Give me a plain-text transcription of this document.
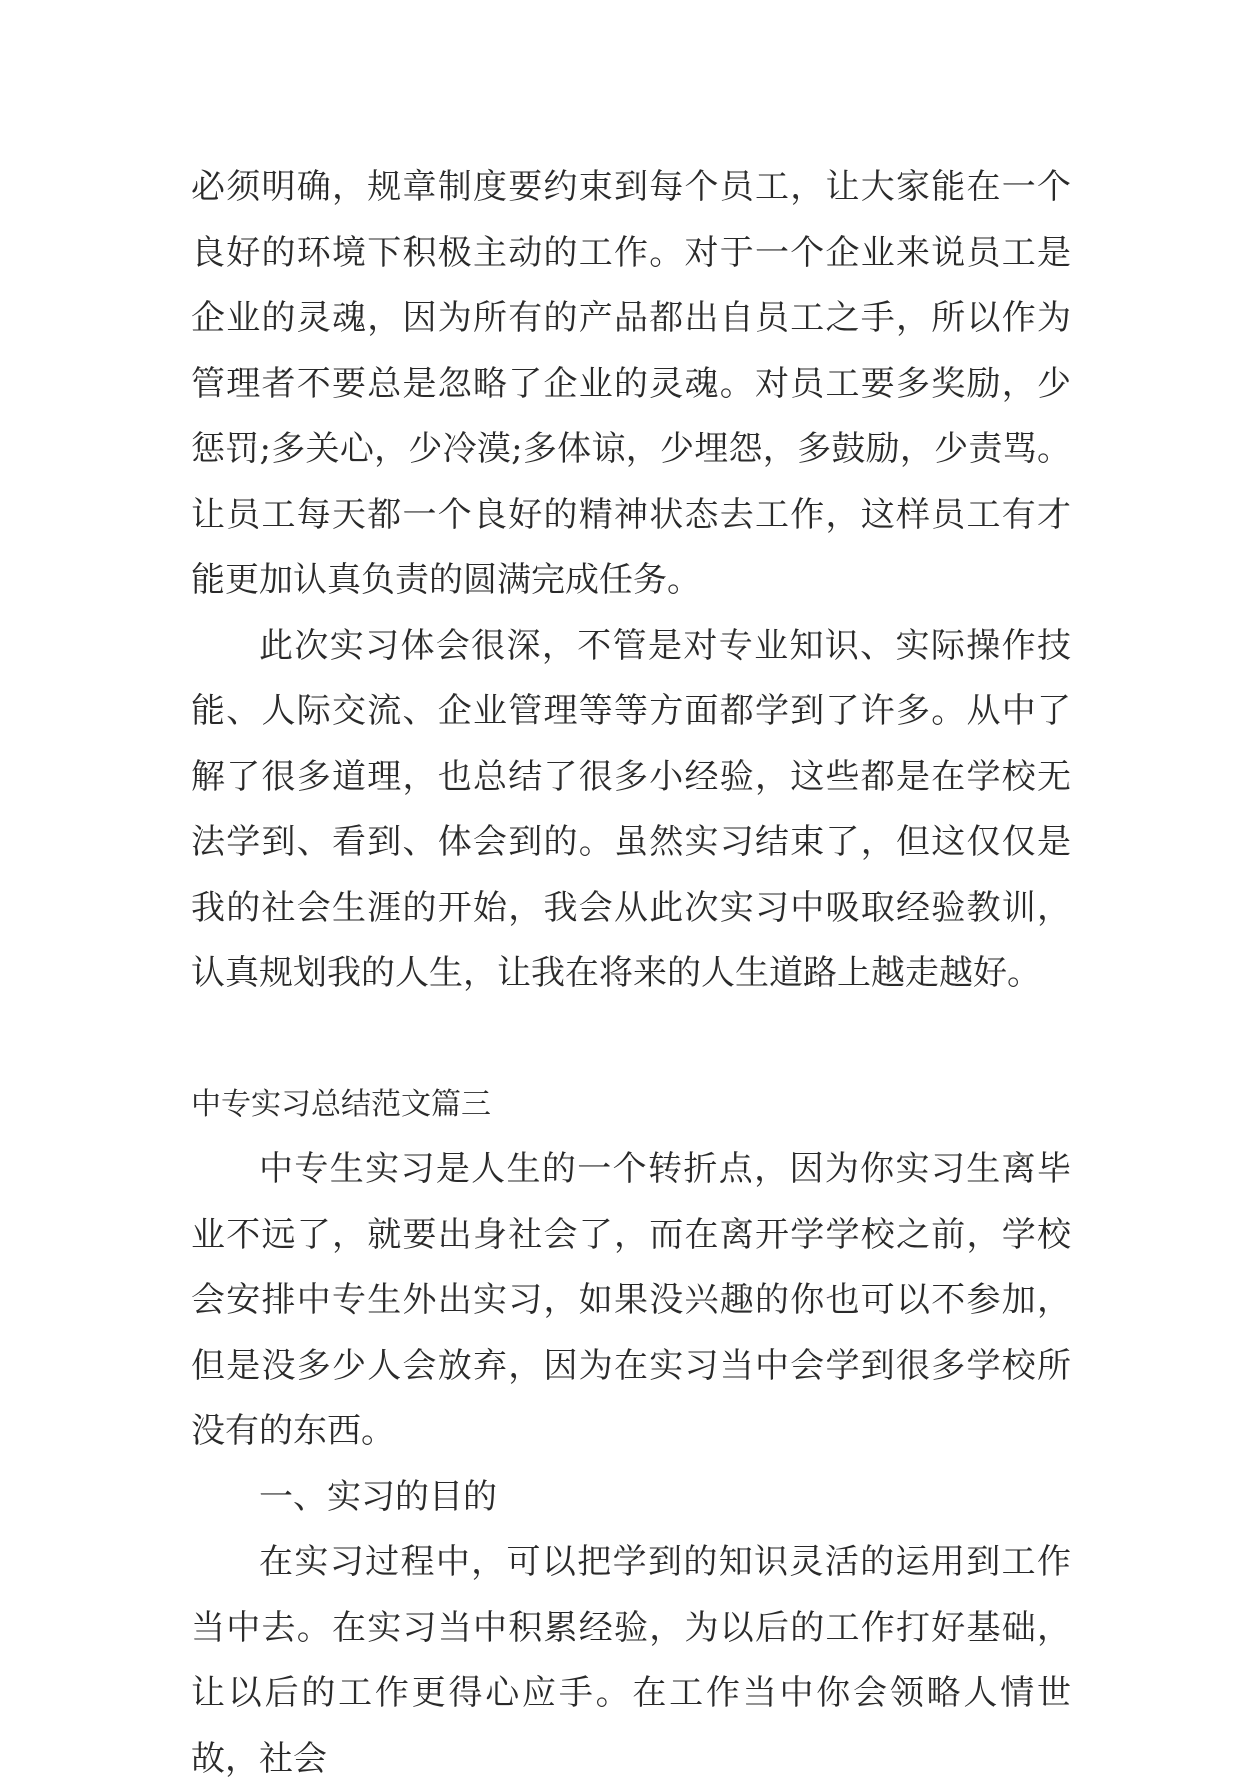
必须明确，规章制度要约束到每个员工，让大家能在一个良好的环境下积极主动的工作。对于一个企业来说员工是企业的灵魂，因为所有的产品都出自员工之手，所以作为管理者不要总是忽略了企业的灵魂。对员工要多奖励，少惩罚;多关心，少冷漠;多体谅，少埋怨，多鼓励，少责骂。让员工每天都一个良好的精神状态去工作，这样员工有才能更加认真负责的圆满完成任务。

此次实习体会很深，不管是对专业知识、实际操作技能、人际交流、企业管理等等方面都学到了许多。从中了解了很多道理，也总结了很多小经验，这些都是在学校无法学到、看到、体会到的。虽然实习结束了，但这仅仅是我的社会生涯的开始，我会从此次实习中吸取经验教训，认真规划我的人生，让我在将来的人生道路上越走越好。

中专实习总结范文篇三

中专生实习是人生的一个转折点，因为你实习生离毕业不远了，就要出身社会了，而在离开学学校之前，学校会安排中专生外出实习，如果没兴趣的你也可以不参加，但是没多少人会放弃，因为在实习当中会学到很多学校所没有的东西。

一、实习的目的

在实习过程中，可以把学到的知识灵活的运用到工作当中去。在实习当中积累经验，为以后的工作打好基础，让以后的工作更得心应手。在工作当中你会领略人情世故，社会
